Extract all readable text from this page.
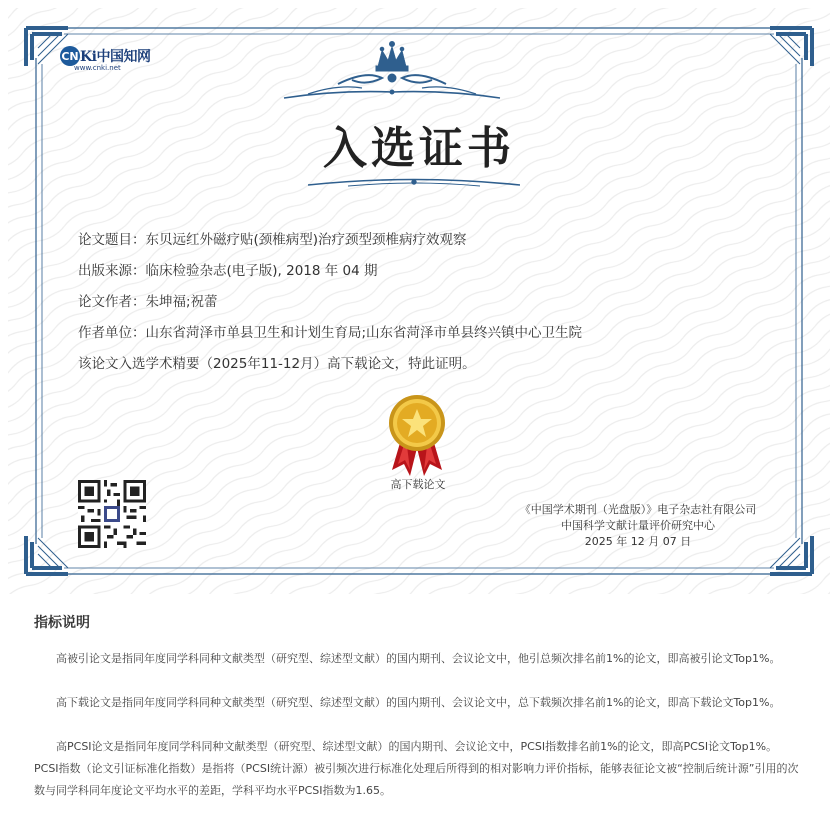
CN Ki中国知网
www.cnki.net
入选证书
论文题目：东贝远红外磁疗贴(颈椎病型)治疗颈型颈椎病疗效观察
出版来源：临床检验杂志(电子版), 2018 年 04 期
论文作者：朱坤福;祝蕾
作者单位：山东省菏泽市单县卫生和计划生育局;山东省菏泽市单县终兴镇中心卫生院
该论文入选学术精要（2025年11-12月）高下载论文，特此证明。
高下载论文
《中国学术期刊（光盘版）》电子杂志社有限公司
中国科学文献计量评价研究中心
2025 年 12 月 07 日
指标说明
高被引论文是指同年度同学科同种文献类型（研究型、综述型文献）的国内期刊、会议论文中，他引总频次排名前1%的论文，即高被引论文Top1%。
高下载论文是指同年度同学科同种文献类型（研究型、综述型文献）的国内期刊、会议论文中，总下载频次排名前1%的论文，即高下载论文Top1%。
高PCSI论文是指同年度同学科同种文献类型（研究型、综述型文献）的国内期刊、会议论文中，PCSI指数排名前1%的论文，即高PCSI论文Top1%。
PCSI指数（论文引证标准化指数）是指将（PCSI统计源）被引频次进行标准化处理后所得到的相对影响力评价指标，能够表征论文被“控制后统计源”引用的次数与同学科同年度论文平均水平的差距，学科平均水平PCSI指数为1.65。
